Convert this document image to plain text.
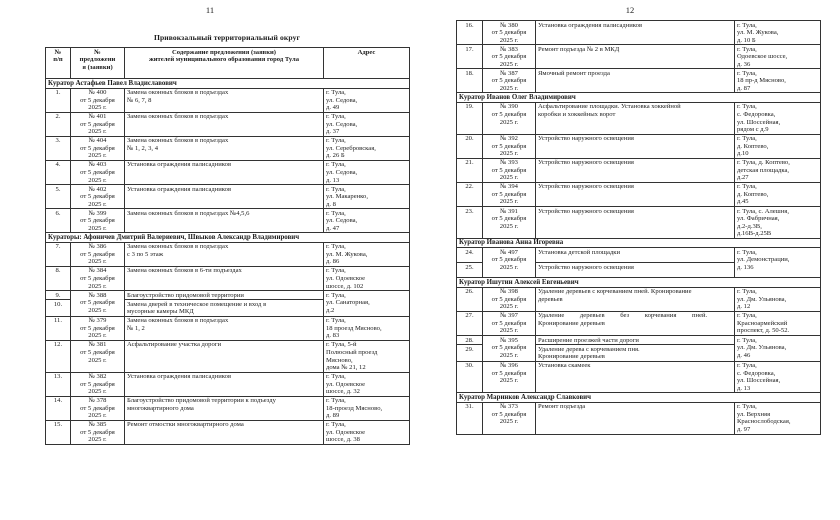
11
Привокзальный территориальный округ
№
п/п	№
предложени
я (заявки)	Содержание предложения (заявки)
жителей муниципального образования город Тула	Адрес

Куратор Астафьев Павел Владиславович			
1.	№ 400
от 5 декабря
2025 г.	Замена оконных блоков в подъездах
№ 6, 7, 8	г. Тула,
ул. Седова,
д. 49

2.	№ 401
от 5 декабря
2025 г.	Замена оконных блоков в подъездах	г. Тула,
ул. Седова,
д. 37

3.	№ 404
от 5 декабря
2025 г.	Замена оконных блоков в подъездах
№ 1, 2, 3, 4	г. Тула,
ул. Серебровская,
д. 26 Б

4.	№ 403
от 5 декабря
2025 г.	Установка ограждения палисадников	г. Тула,
ул. Седова,
д. 13

5.	№ 402
от 5 декабря
2025 г.	Установка ограждения палисадников	г. Тула,
ул. Макаренко,
д. 8

6.	№ 399
от 5 декабря
2025 г.	Замена оконных блоков в подъездах №4,5,6	г. Тула,
ул. Седова,
д. 47

Кураторы: Афоничев Дмитрий Валериевич, Швыков Александр Владимирович			
7.	№ 386
от 5 декабря
2025 г.	Замена оконных блоков в подъездах
с 3 по 5 этаж	г. Тула,
ул. М. Жукова,
д. 86

8.	№ 384
от 5 декабря
2025 г.	Замена оконных блоков в 6-ти подъездах	г. Тула,
ул. Одоевское
шоссе, д. 102

9.	№ 388
от 5 декабря
2025 г.	Благоустройство придомовой территории	г. Тула,
ул. Санаторная,
д.2

10.		Замена дверей в техническое помещение и вход в
мусорные камеры МКД	

11.	№ 379
от 5 декабря
2025 г.	Замена оконных блоков в подъездах
№ 1, 2	г. Тула,
18 проезд Мясново,
д. 83

12.	№ 381
от 5 декабря
2025 г.	Асфальтирование участка дороги	г. Тула, 5-й
Полюсный проезд
Мясново,
дома № 21, 12

13.	№ 382
от 5 декабря
2025 г.	Установка ограждения палисадников	г. Тула,
ул. Одоевское
шоссе, д. 32

14.	№ 378
от 5 декабря
2025 г.	Благоустройство придомовой территории к подъезду
многоквартирного дома	г. Тула,
18-проезд Мясново,
д. 89

15.	№ 385
от 5 декабря
2025 г.	Ремонт отмостки многоквартирного дома	г. Тула,
ул. Одоевское
шоссе, д. 38
12
16.	№ 380
от 5 декабря
2025 г.	Установка ограждения палисадников	г. Тула,
ул. М. Жукова,
д. 10 Б

17.	№ 383
от 5 декабря
2025 г.	Ремонт подъезда № 2 в МКД	г. Тула,
Одоевское шоссе,
д. 36

18.	№ 387
от 5 декабря
2025 г.	Ямочный ремонт проезда	г. Тула,
18 пр-д Мясново,
д. 87

Куратор Иванов Олег Владимирович			
19.	№ 390
от 5 декабря
2025 г.	Асфальтирование площадки. Установка хоккейной
коробки и хоккейных ворот	г. Тула,
с. Федоровка,
ул. Шоссейная,
рядом с д.9

20.	№ 392
от 5 декабря
2025 г.	Устройство наружного освещения	г. Тула,
д. Коптево,
д.10

21.	№ 393
от 5 декабря
2025 г.	Устройство наружного освещения	г. Тула, д. Коптево,
детская площадка,
д.27

22.	№ 394
от 5 декабря
2025 г.	Устройство наружного освещения	г. Тула,
д. Коптево,
д.45

23.	№ 391
от 5 декабря
2025 г.	Устройство наружного освещения	г. Тула, с. Алешня,
ул. Фабричная,
д.2-д.3В,
д.16В-д.25В

Куратор Иванова Анна Игоревна			
24.	№ 497
от 5 декабря
2025 г.	Установка детской площадки	г. Тула,
ул. Демонстрации,
д. 136

25.		Устройство наружного освещения	

Куратор Ишутин Алексей Евгеньевич			
26.	№ 398
от 5 декабря
2025 г.	Удаление деревьев с корчеванием пней. Кронирование
деревьев	г. Тула,
ул. Дм. Ульянова,
д. 12

27.	№ 397
от 5 декабря
2025 г.	Удаление деревьев без корчевания пней.
Кронирование деревьев	г. Тула,
Красноармейский
проспект, д. 50-52.

28.	№ 395
от 5 декабря
2025 г.	Расширение проезжей части дороги	г. Тула,
ул. Дм. Ульянова,
д. 46

29.		Удаление дерева с корчеванием пня.
Кронирование деревьев	

30.	№ 396
от 5 декабря
2025 г.	Установка скамеек	г. Тула,
с. Федоровка,
ул. Шоссейная,
д. 13

Куратор Маринков Александр Славкович			
31.	№ 373
от 5 декабря
2025 г.	Ремонт подъезда	г. Тула,
ул. Верхняя
Краснослободская,
д. 97
